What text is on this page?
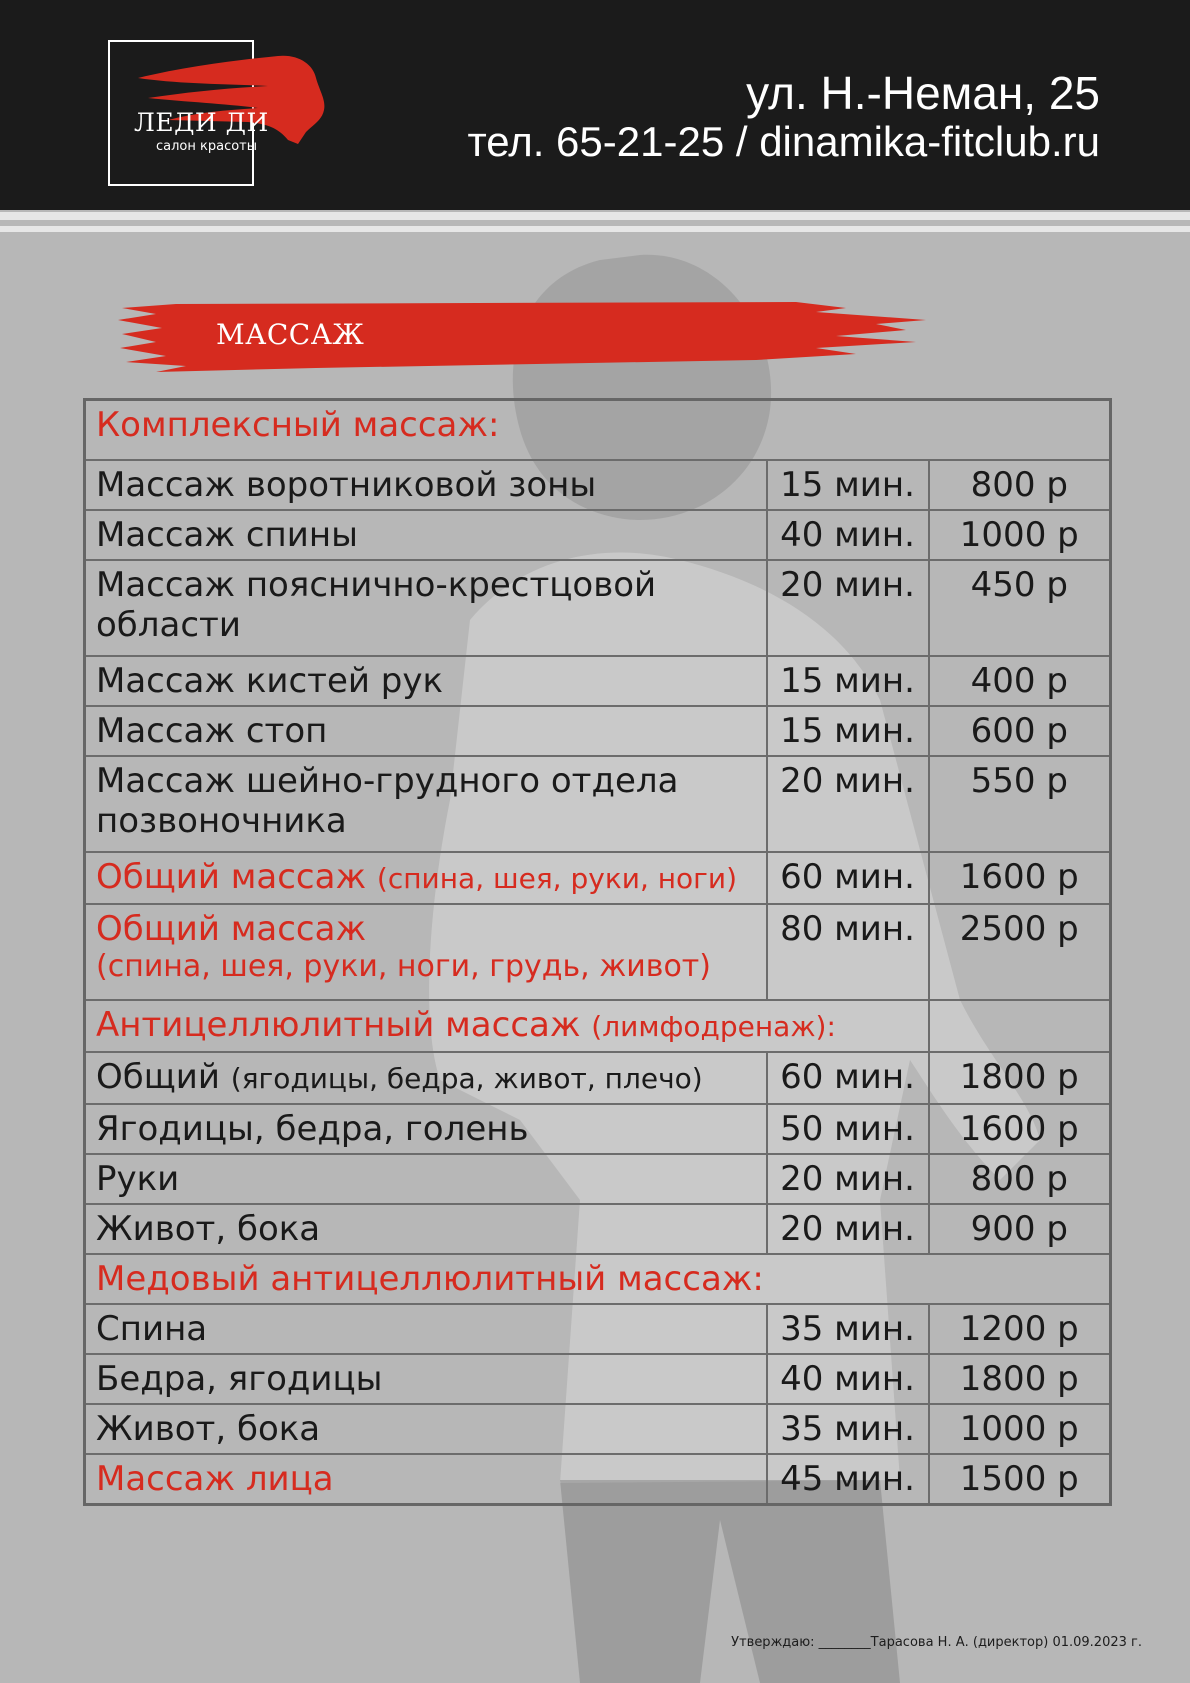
ЛЕДИ ДИ
салон красоты
ул. Н.-Неман, 25
тел. 65-21-25 / dinamika-fitclub.ru
МАССАЖ
Комплексный массаж:		
Массаж воротниковой зоны	15 мин.	800 р
Массаж спины	40 мин.	1000 р
Массаж пояснично-крестцовой области	20 мин.	450 р
Массаж кистей рук	15 мин.	400 р
Массаж стоп	15 мин.	600 р
Массаж шейно-грудного отдела позвоночника	20 мин.	550 р
Общий массаж (спина, шея, руки, ноги)	60 мин.	1600 р
Общий массаж
(спина, шея, руки, ноги, грудь, живот)	80 мин.	2500 р
Антицеллюлитный массаж (лимфодренаж):		
Общий (ягодицы, бедра, живот, плечо)	60 мин.	1800 р
Ягодицы, бедра, голень	50 мин.	1600 р
Руки	20 мин.	800 р
Живот, бока	20 мин.	900 р
Медовый антицеллюлитный массаж:		
Спина	35 мин.	1200 р
Бедра, ягодицы	40 мин.	1800 р
Живот, бока	35 мин.	1000 р
Массаж лица	45 мин.	1500 р
Утверждаю: ________Тарасова Н. А. (директор) 01.09.2023 г.
